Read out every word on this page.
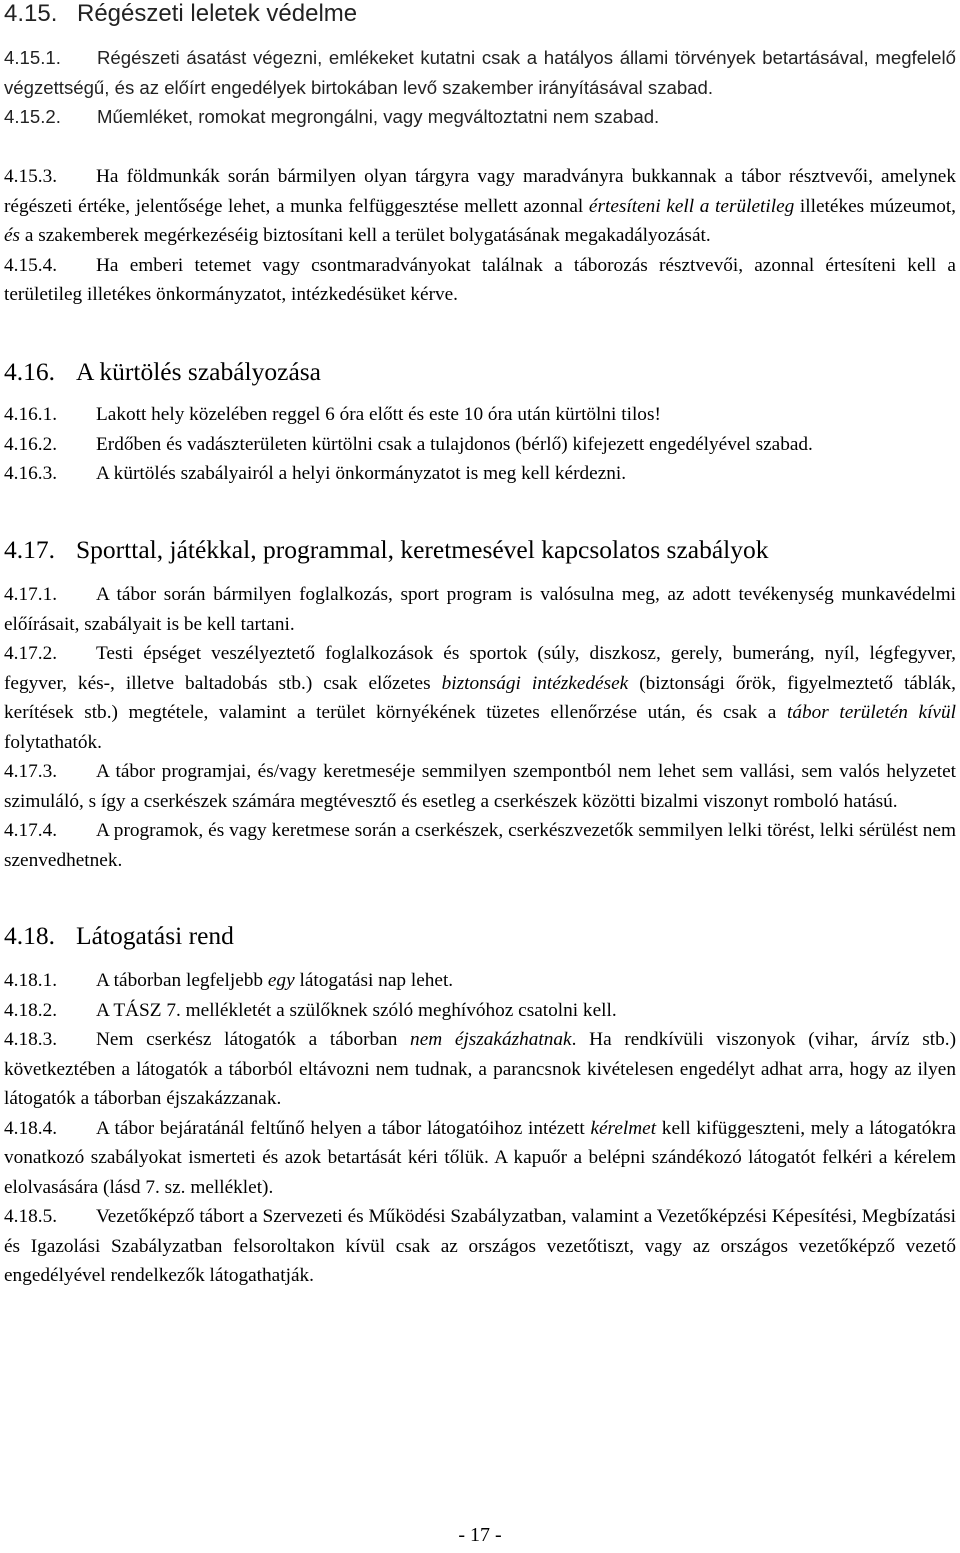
4.15. Régészeti leletek védelme

4.15.1. Régészeti ásatást végezni, emlékeket kutatni csak a hatályos állami törvények betartásával, megfelelő végzettségű, és az előírt engedélyek birtokában levő szakember irányításával szabad.

4.15.2. Műemléket, romokat megrongálni, vagy megváltoztatni nem szabad.

4.15.3. Ha földmunkák során bármilyen olyan tárgyra vagy maradványra bukkannak a tábor résztvevői, amelynek régészeti értéke, jelentősége lehet, a munka felfüggesztése mellett azonnal értesíteni kell a területileg illetékes múzeumot, és a szakemberek megérkezéséig biztosítani kell a terület bolygatásának megakadályozását.

4.15.4. Ha emberi tetemet vagy csontmaradványokat találnak a táborozás résztvevői, azonnal értesíteni kell a területileg illetékes önkormányzatot, intézkedésüket kérve.

4.16. A kürtölés szabályozása

4.16.1. Lakott hely közelében reggel 6 óra előtt és este 10 óra után kürtölni tilos!

4.16.2. Erdőben és vadászterületen kürtölni csak a tulajdonos (bérlő) kifejezett engedélyével szabad.

4.16.3. A kürtölés szabályairól a helyi önkormányzatot is meg kell kérdezni.

4.17. Sporttal, játékkal, programmal, keretmesével kapcsolatos szabályok

4.17.1. A tábor során bármilyen foglalkozás, sport program is valósulna meg, az adott tevékenység munkavédelmi előírásait, szabályait is be kell tartani.

4.17.2. Testi épséget veszélyeztető foglalkozások és sportok (súly, diszkosz, gerely, bumeráng, nyíl, légfegyver, fegyver, kés-, illetve baltadobás stb.) csak előzetes biztonsági intézkedések (biztonsági őrök, figyelmeztető táblák, kerítések stb.) megtétele, valamint a terület környékének tüzetes ellenőrzése után, és csak a tábor területén kívül folytathatók.

4.17.3. A tábor programjai, és/vagy keretmeséje semmilyen szempontból nem lehet sem vallási, sem valós helyzetet szimuláló, s így a cserkészek számára megtévesztő és esetleg a cserkészek közötti bizalmi viszonyt romboló hatású.

4.17.4. A programok, és vagy keretmese során a cserkészek, cserkészvezetők semmilyen lelki törést, lelki sérülést nem szenvedhetnek.

4.18. Látogatási rend

4.18.1. A táborban legfeljebb egy látogatási nap lehet.

4.18.2. A TÁSZ 7. mellékletét a szülőknek szóló meghívóhoz csatolni kell.

4.18.3. Nem cserkész látogatók a táborban nem éjszakázhatnak. Ha rendkívüli viszonyok (vihar, árvíz stb.) következtében a látogatók a táborból eltávozni nem tudnak, a parancsnok kivételesen engedélyt adhat arra, hogy az ilyen látogatók a táborban éjszakázzanak.

4.18.4. A tábor bejáratánál feltűnő helyen a tábor látogatóihoz intézett kérelmet kell kifüggeszteni, mely a látogatókra vonatkozó szabályokat ismerteti és azok betartását kéri tőlük. A kapuőr a belépni szándékozó látogatót felkéri a kérelem elolvasására (lásd 7. sz. melléklet).

4.18.5. Vezetőképző tábort a Szervezeti és Működési Szabályzatban, valamint a Vezetőképzési Képesítési, Megbízatási és Igazolási Szabályzatban felsoroltakon kívül csak az országos vezetőtiszt, vagy az országos vezetőképző vezető engedélyével rendelkezők látogathatják.

- 17 -
